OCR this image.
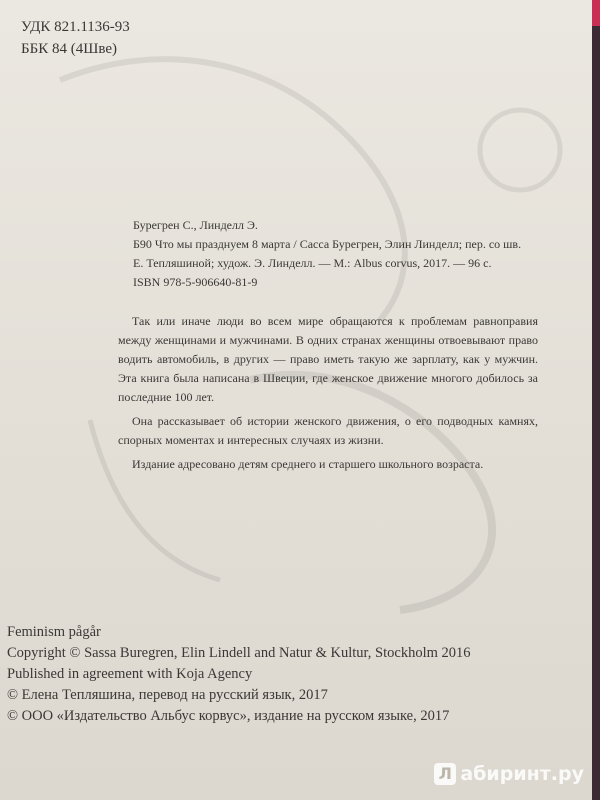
УДК 821.1136-93
ББК 84 (4Шве)
Бурегрен С., Линделл Э.
Б90 Что мы празднуем 8 марта / Сасса Бурегрен, Элин Линделл; пер. со шв.
Е. Тепляшиной; худож. Э. Линделл. — М.: Albus corvus, 2017. — 96 с.
ISBN 978-5-906640-81-9

Так или иначе люди во всем мире обращаются к проблемам равноправия между женщинами и мужчинами. В одних странах женщины отвоевывают право водить автомобиль, в других — право иметь такую же зарплату, как у мужчин. Эта книга была написана в Швеции, где женское движение многого добилось за последние 100 лет.

Она рассказывает об истории женского движения, о его подводных камнях, спорных моментах и интересных случаях из жизни.

Издание адресовано детям среднего и старшего школьного возраста.

Feminism pågår
Copyright © Sassa Buregren, Elin Lindell and Natur & Kultur, Stockholm 2016
Published in agreement with Koja Agency
© Елена Тепляшина, перевод на русский язык, 2017
© ООО «Издательство Альбус корвус», издание на русском языке, 2017
Л абиринт.ру
